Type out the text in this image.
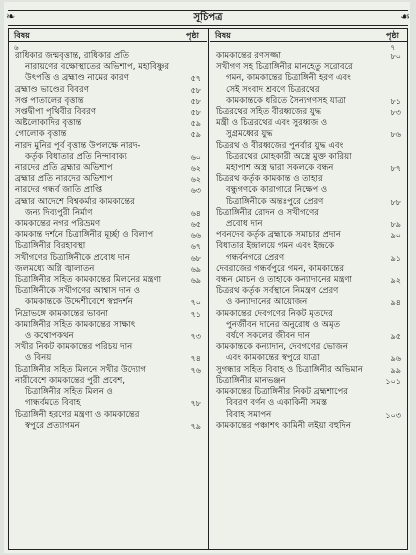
❧	সূচিপত্র	☙
বিষয়	পৃষ্ঠা
৬
রাধিকার জন্মবৃত্তান্ত, রাধিকার প্রতি
নারায়ণের বক্ষোস্থাতের অভিশাপ, মহাবিষ্ণুর
উৎপত্তি ও ব্রহ্মাণ্ড নামের কারণ	৫৭
ব্রহ্মাণ্ড ভাণ্ডের বিবরণ	৫৮
সপ্ত পাতালের বৃত্তান্ত	৫৮
সপ্তদ্বীপা পৃথিবীর বিবরণ	৫৮
অষ্টলোকাদির বৃত্তান্ত	৫৯
গোলোক বৃত্তান্ত	৫৯
নারদ মুনির পূর্ব বৃত্তান্ত উপলক্ষে নারদ-
কর্তৃক বিধাতার প্রতি নিন্দাবাক্য	৬০
নারদের প্রতি ব্রহ্মার অভিশাপ	৬২
ব্রহ্মার প্রতি নারদের অভিশাপ	৬২
নারদের গন্ধর্ব জাতি প্রাপ্তি	৬৩
ব্রহ্মার আদেশে বিশ্বকর্মার কামকান্তের
জন্য দিব্যপুরী নির্মাণ	৬৪
কামকান্তের নগর পরিভ্রমণ	৬৫
কামকান্ত দর্শনে চিত্রাঙ্গিনীর মূর্চ্ছা ও বিলাপ	৬৬
চিত্রাঙ্গিনীর বিরহাবস্থা	৬৭
সখীগণের চিত্রাঙ্গিনীকে প্রবোধ দান	৬৮
জলমধ্যে অগ্নি জ্বালাতন	৬৯
চিত্রাঙ্গিনীর সহিত কামকান্তের মিলনের মন্ত্রণা	৬৯
চিত্রাঙ্গিনীকে সখীগণের আশ্বাস দান ও
কামকান্তকে উদ্দেশীবেশে স্বপ্নদর্শন	৭০
নিদ্রাভঙ্গে কামকান্তের ভাবনা	৭১
কামাঙ্গিনীর সহিত কামকান্তের সাক্ষাৎ
ও কথোপকথন	৭৩
সখীর নিকট কামকান্তের পরিচয় দান
ও বিনয়	৭৪
চিত্রাঙ্গিনীর সহিত মিলনে সখীর উদ্যোগ	৭৬
নারীবেশে কামকান্তের পুরী প্রবেশ,
চিত্রাঙ্গিনীর সহিত মিলন ও
গান্ধর্বমতে বিবাহ	৭৮
চিত্রাঙ্গিনী হরণের মন্ত্রণা ও কামকান্তের
স্বপুরে প্রত্যাগমন	৭৯
বিষয়	পৃষ্ঠা
৭
কামকান্তের রণসজ্জা	৮০
সখীগণ সহ চিত্রাঙ্গিনীর মানহেতু সরোবরে
গমন, কামকান্তের চিত্রাঙ্গিনী হরণ এবং
সেই সংবাদ শ্রবণে চিত্ররথের
কামকান্তকে ধরিতে সৈন্যগণসহ যাত্রা	৮১
চিত্ররথের সহিত বীরধ্বজের যুদ্ধ	৮৩
মন্ত্রী ও চিত্ররথের এবং সুরধ্বজ ও
সুগ্রমধ্বের যুদ্ধ	৮৬
চিত্ররথ ও বীরধ্বজের পুনর্বার যুদ্ধ এবং
চিত্ররথের মোহকারী অস্ত্রে মুক্ত কারিয়া
মহাপাশ অস্ত্র দ্বারা সকলকে বন্ধন	৮৭
চিত্ররথ কর্তৃক কামকান্ত ও তাহার
বন্ধুগণকে কারাগারে নিক্ষেপ ও
চিত্রাঙ্গিনীকে অন্তঃপুরে প্রেরণ	৮৮
চিত্রাঙ্গিনীর রোদন ও সখীগণের
প্রবোধ দান	৮৯
পবনদেব কর্তৃক ব্রহ্মাকে সমাচার প্রদান	৯০
বিধাতার ইন্দ্রালয়ে গমন এবং ইন্দ্রকে
গন্ধর্বনগরে প্রেরণ	৯১
দেবরাজের গন্ধর্বপুরে গমন, কামকান্তের
বন্ধন মোচন ও তাহাকে কন্যাদানের মন্ত্রণা	৯২
চিত্ররথ কর্তৃক সর্বস্থানে নিমন্ত্রণ প্রেরণ
ও কন্যাদানের আয়োজন	৯৪
কামকান্তের দেবগণের নিকট মৃতদের
পুনর্জীবন দানের অনুরোধ ও অমৃত
বর্ষণে সকলের জীবন দান	৯৫
কামকান্তকে কন্যাদান, দেবগণের ভোজন
এবং কামকান্তের স্বপুরে যাত্রা	৯৬
সুগন্ধার সহিত বিবাহ ও চিত্রাঙ্গিনীর অভিমান	৯৯
চিত্রাঙ্গিনীর মানভঞ্জন	১০১
কামকান্তের চিত্রাঙ্গিনীর নিকট ব্রহ্মশাপের
বিবরণ বর্ণন ও একাকিনী সমস্ত
বিবাহ সমাপন	১০৩
কামকান্তের পঞ্চাশৎ কামিনী লইয়া বহুদিন
